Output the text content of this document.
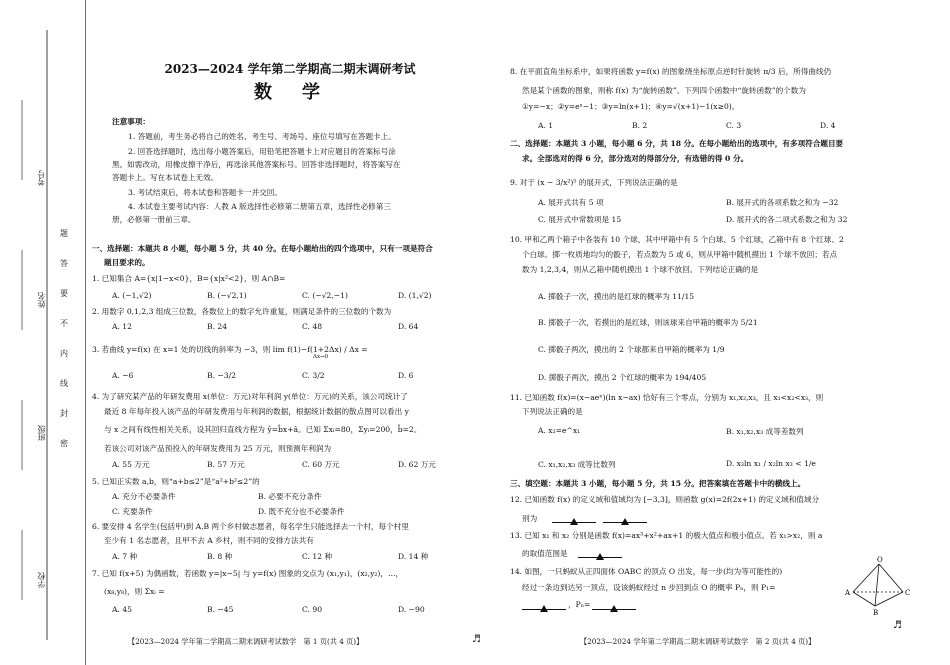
考号
姓名
班级
学校
题
答
要
不
内
线
封
密
2023—2024 学年第二学期高二期末调研考试
数　学
注意事项：
1. 答题前，考生务必将自己的姓名、考生号、考场号、座位号填写在答题卡上。
2. 回答选择题时，选出每小题答案后，用铅笔把答题卡上对应题目的答案标号涂
黑。如需改动，用橡皮擦干净后，再选涂其他答案标号。回答非选择题时，将答案写在
答题卡上。写在本试卷上无效。
3. 考试结束后，将本试卷和答题卡一并交回。
4. 本试卷主要考试内容：人教 A 版选择性必修第二册第五章，选择性必修第三
册，必修第一册前三章。
一、选择题：本题共 8 小题，每小题 5 分，共 40 分。在每小题给出的四个选项中，只有一项是符合
题目要求的。
1. 已知集合 A={x|1−x<0}，B={x|x²<2}，则 A∩B=
A. (−1,√2)	B. (−√2,1)	C. (−√2,−1)	D. (1,√2)
2. 用数字 0,1,2,3 组成三位数，各数位上的数字允许重复，则满足条件的三位数的个数为
A. 12	B. 24	C. 48	D. 64
3. 若曲线 y=f(x) 在 x=1 处的切线的斜率为 −3，则 lim f(1)−f(1+2Δx) / Δx =
Δx→0
A. −6	B. −3/2	C. 3/2	D. 6
4. 为了研究某产品的年研发费用 x(单位：万元)对年利润 y(单位：万元)的关系，该公司统计了
最近 8 年每年投入该产品的年研发费用与年利润的数据，根据统计数据的散点图可以看出 y
与 x 之间有线性相关关系，设其回归直线方程为 ŷ=b̂x+â。已知 Σxᵢ=80，Σyᵢ=200，b̂=2。
若该公司对该产品预投入的年研发费用为 25 万元，则预测年利润为
A. 55 万元	B. 57 万元	C. 60 万元	D. 62 万元
5. 已知正实数 a,b，则“a+b≤2”是“a²+b²≤2”的
A. 充分不必要条件	B. 必要不充分条件
C. 充要条件	D. 既不充分也不必要条件
6. 要安排 4 名学生(包括甲)到 A,B 两个乡村做志愿者，每名学生只能选择去一个村，每个村里
至少有 1 名志愿者，且甲不去 A 乡村，则不同的安排方法共有
A. 7 种	B. 8 种	C. 12 种	D. 14 种
7. 已知 f(x+5) 为偶函数，若函数 y=|x−5| 与 y=f(x) 图象的交点为 (x₁,y₁)，(x₂,y₂)，…，
(x₈,y₈)，则 Σxᵢ =
A. 45	B. −45	C. 90	D. −90
【2023—2024 学年第二学期高二期末调研考试数学　第 1 页(共 4 页)】	♬
8. 在平面直角坐标系中，如果将函数 y=f(x) 的图象绕坐标原点逆时针旋转 π/3 后，所得曲线仍
然是某个函数的图象，则称 f(x) 为“旋转函数”。下列四个函数中“旋转函数”的个数为
①y=−x；②y=eˣ−1；③y=ln(x+1)；④y=√(x+1)−1(x≥0)。
A. 1	B. 2	C. 3	D. 4
二、选择题：本题共 3 小题，每小题 6 分，共 18 分。在每小题给出的选项中，有多项符合题目要
求。全部选对的得 6 分，部分选对的得部分分，有选错的得 0 分。
9. 对于 (x − 3/x²)⁵ 的展开式，下列说法正确的是
A. 展开式共有 5 项	B. 展开式的各项系数之和为 −32
C. 展开式中常数项是 15	D. 展开式的各二项式系数之和为 32
10. 甲和乙两个箱子中各装有 10 个球，其中甲箱中有 5 个白球、5 个红球，乙箱中有 8 个红球、2
个白球。掷一枚质地均匀的骰子，若点数为 5 或 6，则从甲箱中随机摸出 1 个球不放回；若点
数为 1,2,3,4，则从乙箱中随机摸出 1 个球不放回。下列结论正确的是
A. 掷骰子一次，摸出的是红球的概率为 11/15
B. 掷骰子一次，若摸出的是红球，则该球来自甲箱的概率为 5/21
C. 掷骰子两次，摸出的 2 个球都来自甲箱的概率为 1/9
D. 掷骰子两次，摸出 2 个红球的概率为 194/405
11. 已知函数 f(x)=(x−aeˣ)(ln x−ax) 恰好有三个零点，分别为 x₁,x₂,x₃，且 x₁<x₂<x₃，则
下列说法正确的是
A. x₂=e^x₁	B. x₁,x₂,x₃ 成等差数列
C. x₁,x₂,x₃ 成等比数列	D. x₃ln x₁ / x₂ln x₃ < 1/e
三、填空题：本题共 3 小题，每小题 5 分，共 15 分。把答案填在答题卡中的横线上。
12. 已知函数 f(x) 的定义域和值域均为 [−3,3]，则函数 g(x)=2f(2x+1) 的定义域和值域分
别为
13. 已知 x₁ 和 x₂ 分别是函数 f(x)=ax³+x²+ax+1 的极大值点和极小值点。若 x₁>x₂，则 a
的取值范围是
14. 如图，一只蚂蚁从正四面体 OABC 的顶点 O 出发，每一步(均为等可能性的)
经过一条边到达另一顶点，设该蚂蚁经过 n 步回到点 O 的概率 Pₙ，则 P₁=
，Pₙ=
O
A
B
C
【2023—2024 学年第二学期高二期末调研考试数学　第 2 页(共 4 页)】
♬
